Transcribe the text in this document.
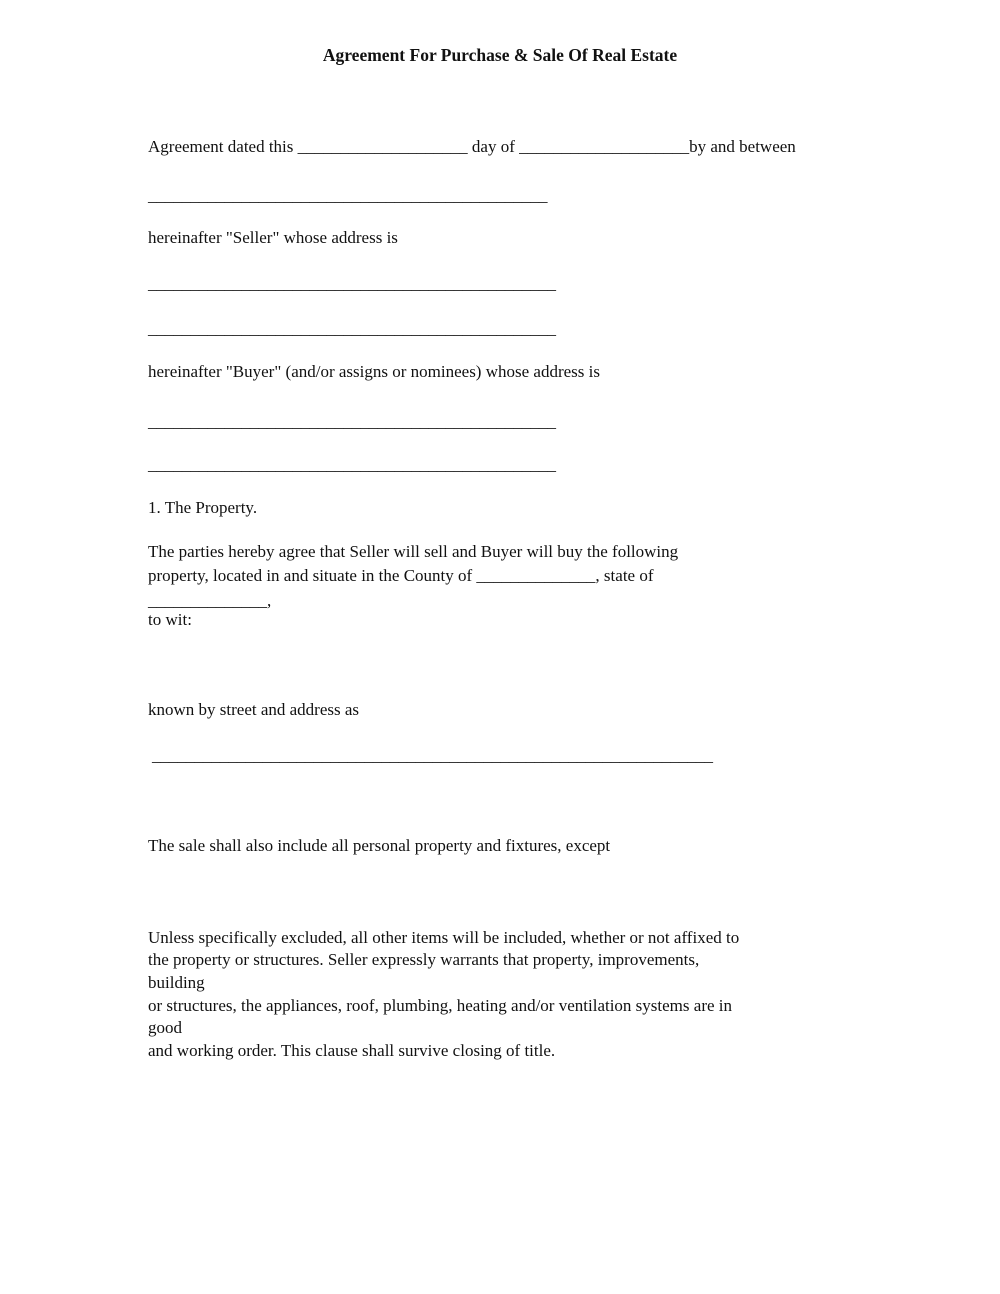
Agreement For Purchase & Sale Of Real Estate
Agreement dated this ____________________ day of ____________________by and between
_______________________________________________
hereinafter "Seller" whose address is
________________________________________________
________________________________________________
hereinafter "Buyer" (and/or assigns or nominees) whose address is
________________________________________________
________________________________________________
1. The Property.
The parties hereby agree that Seller will sell and Buyer will buy the following
property, located in and situate in the County of ______________, state of
______________,
to wit:
known by street and address as
__________________________________________________________________
The sale shall also include all personal property and fixtures, except
Unless specifically excluded, all other items will be included, whether or not affixed to
the property or structures. Seller expressly warrants that property, improvements,
building
or structures, the appliances, roof, plumbing, heating and/or ventilation systems are in
good
and working order. This clause shall survive closing of title.
